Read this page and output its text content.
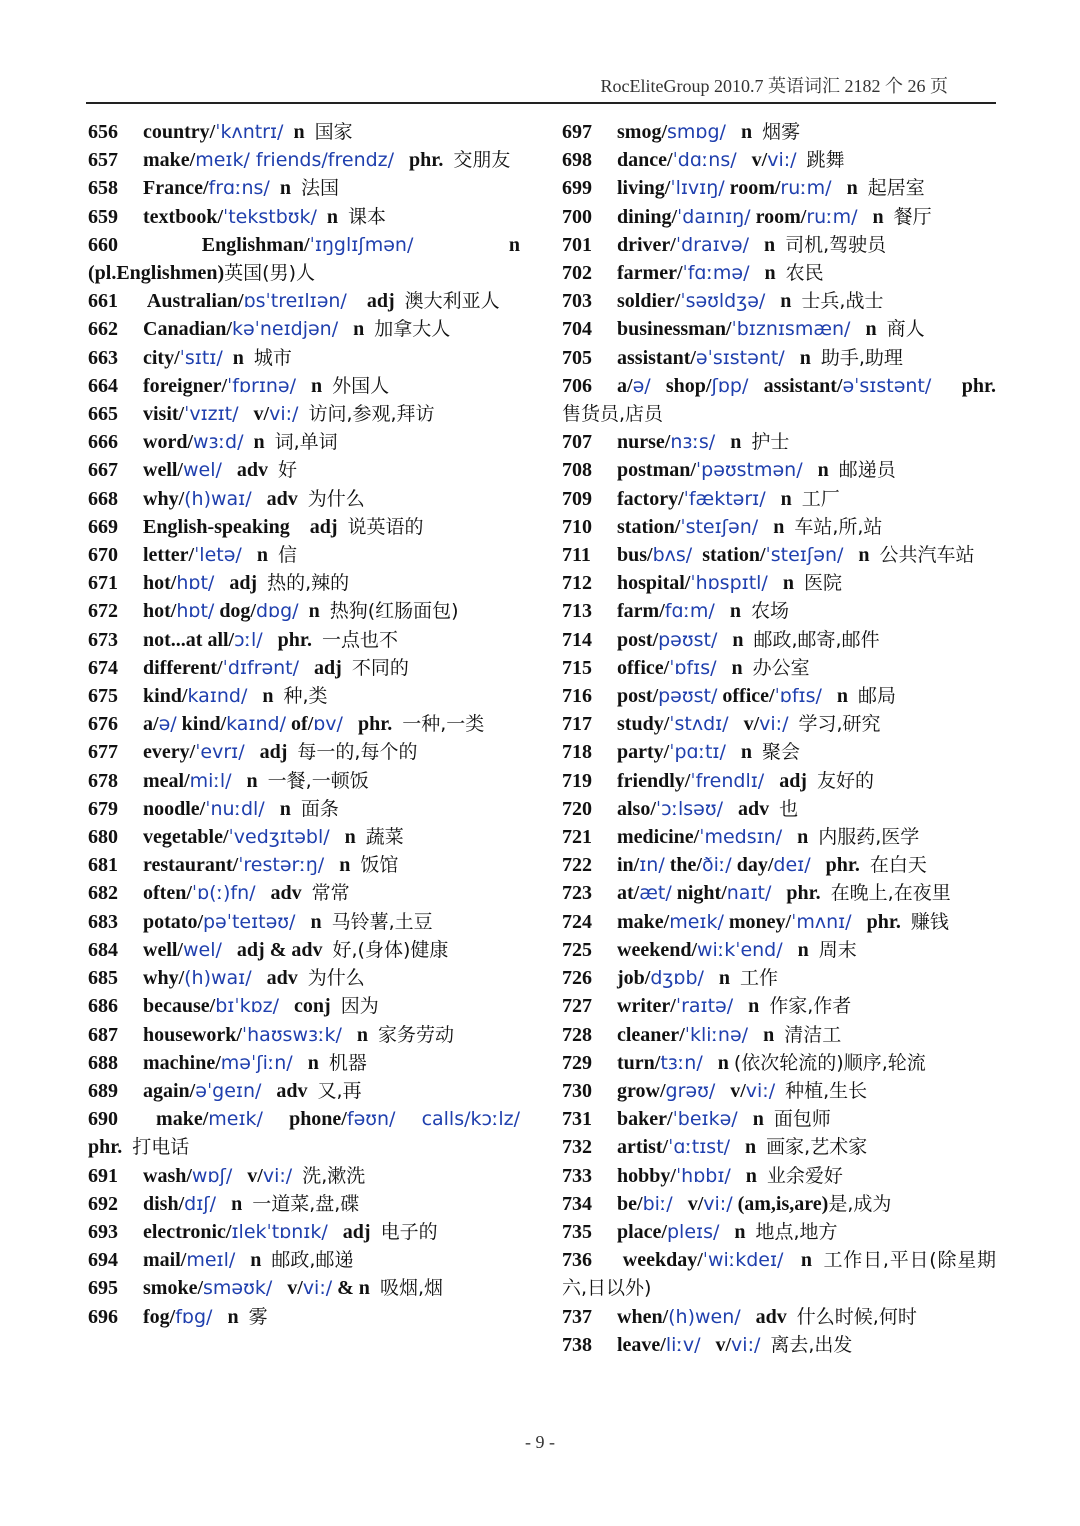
RocEliteGroup 2010.7 英语词汇 2182 个 26 页
656 country/ˈkʌntrɪ/  n  国家
657 make/meɪk/ friends/frendz/   phr.  交朋友
658 France/frɑːns/  n  法国
659 textbook/ˈtekstbʊk/  n  课本
660        Englishman/ˈɪŋglɪʃmən/             n (pl.Englishmen)英国(男)人
661 Australian/ɒsˈtreɪlɪən/    adj  澳大利亚人
662 Canadian/kəˈneɪdjən/   n  加拿大人
663 city/ˈsɪtɪ/  n  城市
664 foreigner/ˈfɒrɪnə/   n  外国人
665 visit/ˈvɪzɪt/   v/vi:/ 访问,参观,拜访
666 word/wɜːd/  n  词,单词
667 well/wel/   adv  好
668 why/(h)waɪ/   adv  为什么
669 English-speaking    adj  说英语的
670 letter/ˈletə/   n  信
671 hot/hɒt/   adj  热的,辣的
672 hot/hɒt/ dog/dɒg/  n  热狗(红肠面包)
673 not...at all/ɔːl/   phr.  一点也不
674 different/ˈdɪfrənt/   adj  不同的
675 kind/kaɪnd/   n  种,类
676 a/ə/ kind/kaɪnd/ of/ɒv/   phr.  一种,一类
677 every/ˈevrɪ/   adj  每一的,每个的
678 meal/miːl/   n  一餐,一顿饭
679 noodle/ˈnuːdl/   n  面条
680 vegetable/ˈvedʒɪtəbl/   n  蔬菜
681 restaurant/ˈrestərːŋ/   n  饭馆
682 often/ˈɒ(ː)fn/   adv  常常
683 potato/pəˈteɪtəʊ/   n  马铃薯,土豆
684 well/wel/   adj & adv  好,(身体)健康
685 why/(h)waɪ/   adv  为什么
686 because/bɪˈkɒz/   conj  因为
687 housework/ˈhaʊswɜːk/   n  家务劳动
688 machine/məˈʃiːn/   n  机器
689 again/əˈgeɪn/   adv  又,再
690  make/meɪk/    phone/fəʊn/ calls/kɔːlz/ phr.  打电话
691 wash/wɒʃ/   v/vi:/ 洗,漱洗
692 dish/dɪʃ/   n  一道菜,盘,碟
693 electronic/ɪlekˈtɒnɪk/   adj  电子的
694 mail/meɪl/   n  邮政,邮递
695 smoke/sməʊk/   v/vi:/ & n  吸烟,烟
696 fog/fɒg/   n  雾
697 smog/smɒg/   n  烟雾
698 dance/ˈdɑːns/   v/vi:/ 跳舞
699 living/ˈlɪvɪŋ/ room/ruːm/   n  起居室
700 dining/ˈdaɪnɪŋ/ room/ruːm/   n  餐厅
701 driver/ˈdraɪvə/   n  司机,驾驶员
702 farmer/ˈfɑːmə/   n  农民
703 soldier/ˈsəʊldʒə/   n  士兵,战士
704 businessman/ˈbɪznɪsmæn/   n  商人
705 assistant/əˈsɪstənt/   n  助手,助理
706 a/ə/  shop/ʃɒp/  assistant/əˈsɪstənt/    phr. 售货员,店员
707 nurse/nɜːs/   n  护士
708 postman/ˈpəʊstmən/   n  邮递员
709 factory/ˈfæktərɪ/   n  工厂
710 station/ˈsteɪʃən/   n  车站,所,站
711 bus/bʌs/  station/ˈsteɪʃən/   n  公共汽车站
712 hospital/ˈhɒspɪtl/   n  医院
713 farm/fɑːm/   n  农场
714 post/pəʊst/   n  邮政,邮寄,邮件
715 office/ˈɒfɪs/   n  办公室
716 post/pəʊst/ office/ˈɒfɪs/   n  邮局
717 study/ˈstʌdɪ/   v/vi:/ 学习,研究
718 party/ˈpɑːtɪ/   n  聚会
719 friendly/ˈfrendlɪ/   adj  友好的
720 also/ˈɔːlsəʊ/   adv  也
721 medicine/ˈmedsɪn/   n  内服药,医学
722 in/ɪn/ the/ðiː/ day/deɪ/   phr.  在白天
723 at/æt/ night/naɪt/   phr.  在晚上,在夜里
724 make/meɪk/ money/ˈmʌnɪ/   phr.  赚钱
725 weekend/wiːkˈend/   n  周末
726 job/dʒɒb/   n  工作
727 writer/ˈraɪtə/   n  作家,作者
728 cleaner/ˈkliːnə/   n  清洁工
729 turn/tɜːn/   n (依次轮流的)顺序,轮流
730 grow/grəʊ/   v/vi:/ 种植,生长
731 baker/ˈbeɪkə/   n  面包师
732 artist/ˈɑːtɪst/   n  画家,艺术家
733 hobby/ˈhɒbɪ/   n  业余爱好
734 be/biː/   v/vi:/ (am,is,are)是,成为
735 place/pleɪs/   n  地点,地方
736 weekday/ˈwiːkdeɪ/   n  工作日,平日(除星期六,日以外)
737 when/(h)wen/   adv  什么时候,何时
738 leave/liːv/   v/vi:/ 离去,出发
- 9 -
